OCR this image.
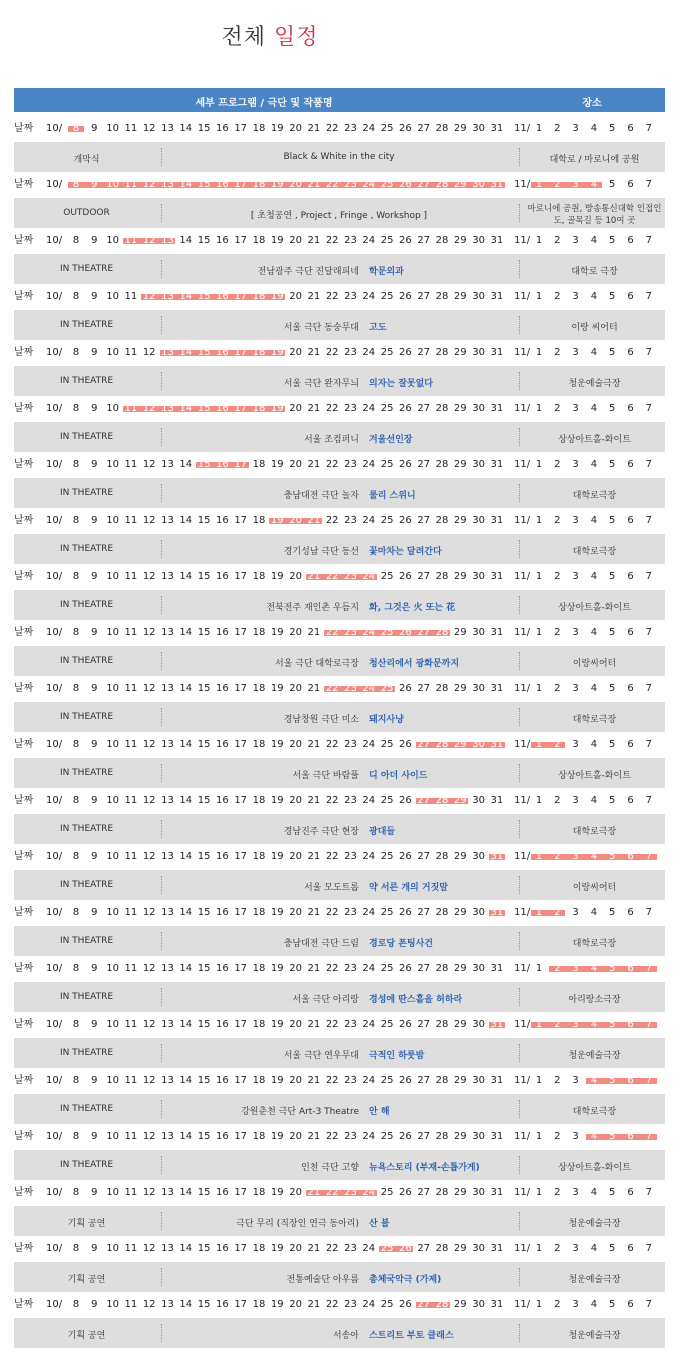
전체 일정
세부 프로그램 / 극단 및 작품명	장소
날짜	10/	11/
8	9 10 11 12 13 14 15 16 17 18 19 20 21 22 23 24 25 26 27 28 29 30 31	1	2	3	4	5	6	7
개막식	Black & White in the city	대학로 / 마로니에 공원
날짜	10/	11/
8	9 10 11 12 13 14 15 16 17 18 19 20 21 22 23 24 25 26 27 28 29 30 31	1	2	3	4	5	6	7
OUTDOOR	[ 초청공연 , Project , Fringe , Workshop ]
마로니에 공원, 방송통신대학 인접인도, 골목길 등 10여 곳
날짜	10/	11/
8	9 10 11 12 13 14 15 16 17 18 19 20 21 22 23 24 25 26 27 28 29 30 31	1	2	3	4	5	6	7
IN THEATRE	전남광주 극단 진달래피네 학문외과	대학로 극장
날짜	10/	11/
8	9 10 11 12 13 14 15 16 17 18 19 20 21 22 23 24 25 26 27 28 29 30 31	1	2	3	4	5	6	7
IN THEATRE	서울 극단 동숭무대 고도	이랑 씨어터
날짜	10/	11/
8	9 10 11 12 13 14 15 16 17 18 19 20 21 22 23 24 25 26 27 28 29 30 31	1	2	3	4	5	6	7
IN THEATRE	서울 극단 완자무늬 의자는 잘못없다	청운예술극장
날짜	10/	11/
8	9 10 11 12 13 14 15 16 17 18 19 20 21 22 23 24 25 26 27 28 29 30 31	1	2	3	4	5	6	7
IN THEATRE	서울 조컴퍼니 겨울선인장	상상아트홀-화이트
날짜	10/	11/
8	9 10 11 12 13 14 15 16 17 18 19 20 21 22 23 24 25 26 27 28 29 30 31	1	2	3	4	5	6	7
IN THEATRE	충남대전 극단 놀자 룰리 스위니	대학로극장
날짜	10/	11/
8	9 10 11 12 13 14 15 16 17 18 19 20 21 22 23 24 25 26 27 28 29 30 31	1	2	3	4	5	6	7
IN THEATRE	경기성남 극단 동선 꽃마차는 달려간다	대학로극장
날짜	10/	11/
8	9 10 11 12 13 14 15 16 17 18 19 20 21 22 23 24 25 26 27 28 29 30 31	1	2	3	4	5	6	7
IN THEATRE	전북전주 재인촌 우듬지 화, 그것은 火 또는 花	상상아트홀-화이트
날짜	10/	11/
8	9 10 11 12 13 14 15 16 17 18 19 20 21 22 23 24 25 26 27 28 29 30 31	1	2	3	4	5	6	7
IN THEATRE	서울 극단 대학로극장 청산리에서 광화문까지	이랑씨어터
날짜	10/	11/
8	9 10 11 12 13 14 15 16 17 18 19 20 21 22 23 24 25 26 27 28 29 30 31	1	2	3	4	5	6	7
IN THEATRE	경남창원 극단 미소 돼지사냥	대학로극장
날짜	10/	11/
8	9 10 11 12 13 14 15 16 17 18 19 20 21 22 23 24 25 26 27 28 29 30 31	1	2	3	4	5	6	7
IN THEATRE	서울 극단 바람풀 디 아더 사이드	상상아트홀-화이트
날짜	10/	11/
8	9 10 11 12 13 14 15 16 17 18 19 20 21 22 23 24 25 26 27 28 29 30 31	1	2	3	4	5	6	7
IN THEATRE	경남진주 극단 현장 광대들	대학로극장
날짜	10/	11/
8	9 10 11 12 13 14 15 16 17 18 19 20 21 22 23 24 25 26 27 28 29 30 31	1	2	3	4	5	6	7
IN THEATRE	서울 모도트롭 약 서른 개의 거짓말	이랑씨어터
날짜	10/	11/
8	9 10 11 12 13 14 15 16 17 18 19 20 21 22 23 24 25 26 27 28 29 30 31	1	2	3	4	5	6	7
IN THEATRE	충남대전 극단 드림 경로당 폰팅사건	대학로극장
날짜	10/	11/
8	9 10 11 12 13 14 15 16 17 18 19 20 21 22 23 24 25 26 27 28 29 30 31	1	2	3	4	5	6	7
IN THEATRE	서울 극단 아리랑 경성에 딴스홀을 허하라	아리랑소극장
날짜	10/	11/
8	9 10 11 12 13 14 15 16 17 18 19 20 21 22 23 24 25 26 27 28 29 30 31	1	2	3	4	5	6	7
IN THEATRE	서울 극단 연우무대 극적인 하룻밤	청운예술극장
날짜	10/	11/
8	9 10 11 12 13 14 15 16 17 18 19 20 21 22 23 24 25 26 27 28 29 30 31	1	2	3	4	5	6	7
IN THEATRE	강원춘천 극단 Art-3 Theatre 안 해	대학로극장
날짜	10/	11/
8	9 10 11 12 13 14 15 16 17 18 19 20 21 22 23 24 25 26 27 28 29 30 31	1	2	3	4	5	6	7
IN THEATRE	인천 극단 고향 뉴욕스토리 (부재-손톱가게)	상상아트홀-화이트
날짜	10/	11/
8	9 10 11 12 13 14 15 16 17 18 19 20 21 22 23 24 25 26 27 28 29 30 31	1	2	3	4	5	6	7
기획 공연	극단 무리 (직장인 연극 동아리) 산 불	청운예술극장
날짜	10/	11/
8	9 10 11 12 13 14 15 16 17 18 19 20 21 22 23 24 25 26 27 28 29 30 31	1	2	3	4	5	6	7
기획 공연	전통예술단 아우름 총체국악극 (가제)	청운예술극장
날짜	10/	11/
8	9 10 11 12 13 14 15 16 17 18 19 20 21 22 23 24 25 26 27 28 29 30 31	1	2	3	4	5	6	7
기획 공연	서송아 스트리트 부토 클래스	청운예술극장
